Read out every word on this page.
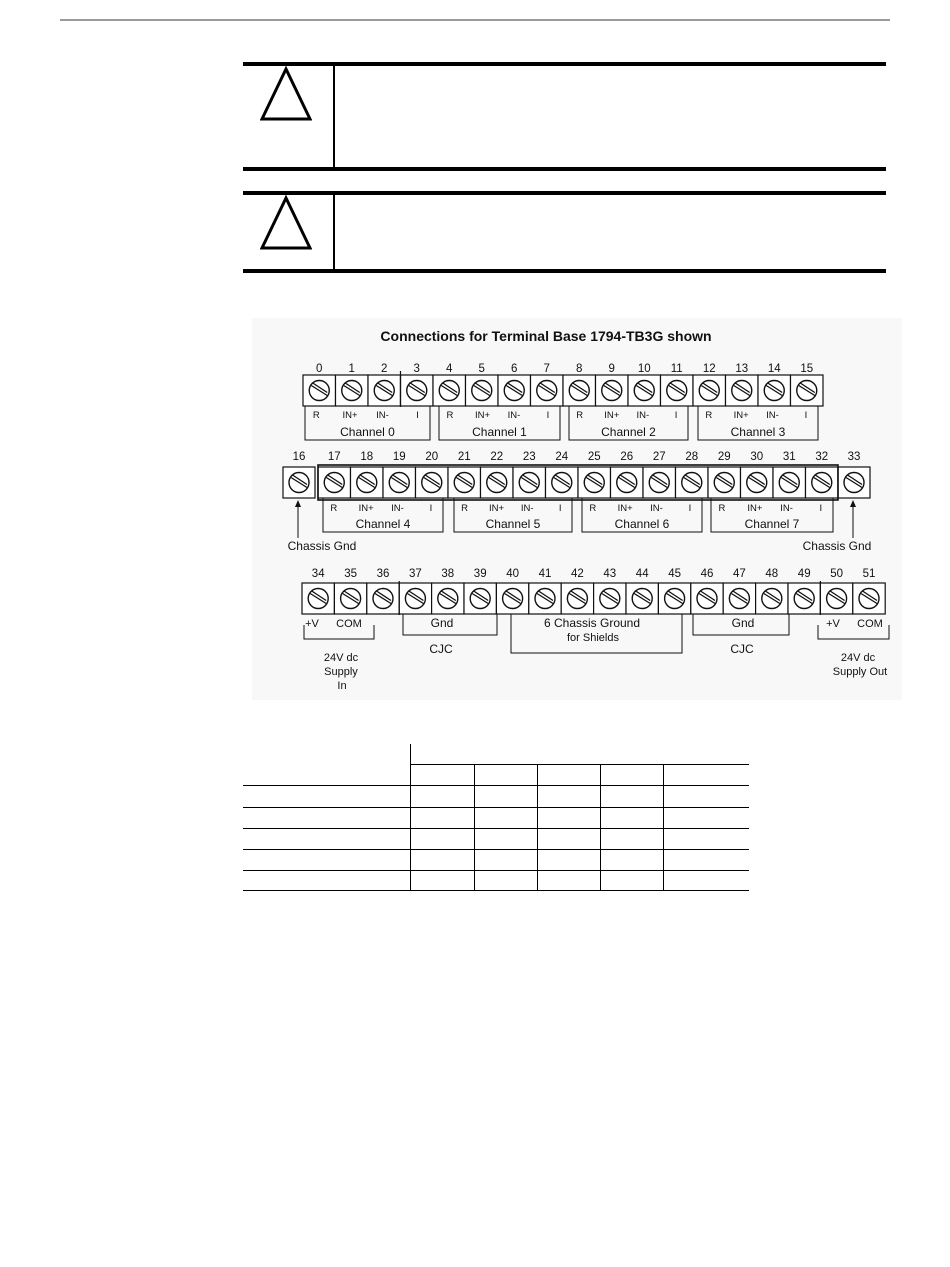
Connections for Terminal Base 1794-TB3G shown
0 1 2 3 4 5 6 7 8 9 10 11 12 13 14 15
R IN+ IN-	I
Channel 0
R IN+ IN-	I
Channel 1
R IN+ IN-	I
Channel 2
R IN+ IN-	I
Channel 3
16 17 18 19 20 21 22 23 24 25 26 27 28 29 30 31 32 33
R IN+ IN-	I
Channel 4
R IN+ IN-	I
Channel 5
R IN+ IN-	I
Channel 6
R IN+ IN-	I
Channel 7
Chassis Gnd	Chassis Gnd
34 35 36 37 38 39 40 41 42 43 44 45 46 47 48 49 50 51
+V COM
24V dc
Supply
In
Gnd
CJC
6 Chassis Ground
for Shields
Gnd
CJC
+V COM
24V dc
Supply Out
